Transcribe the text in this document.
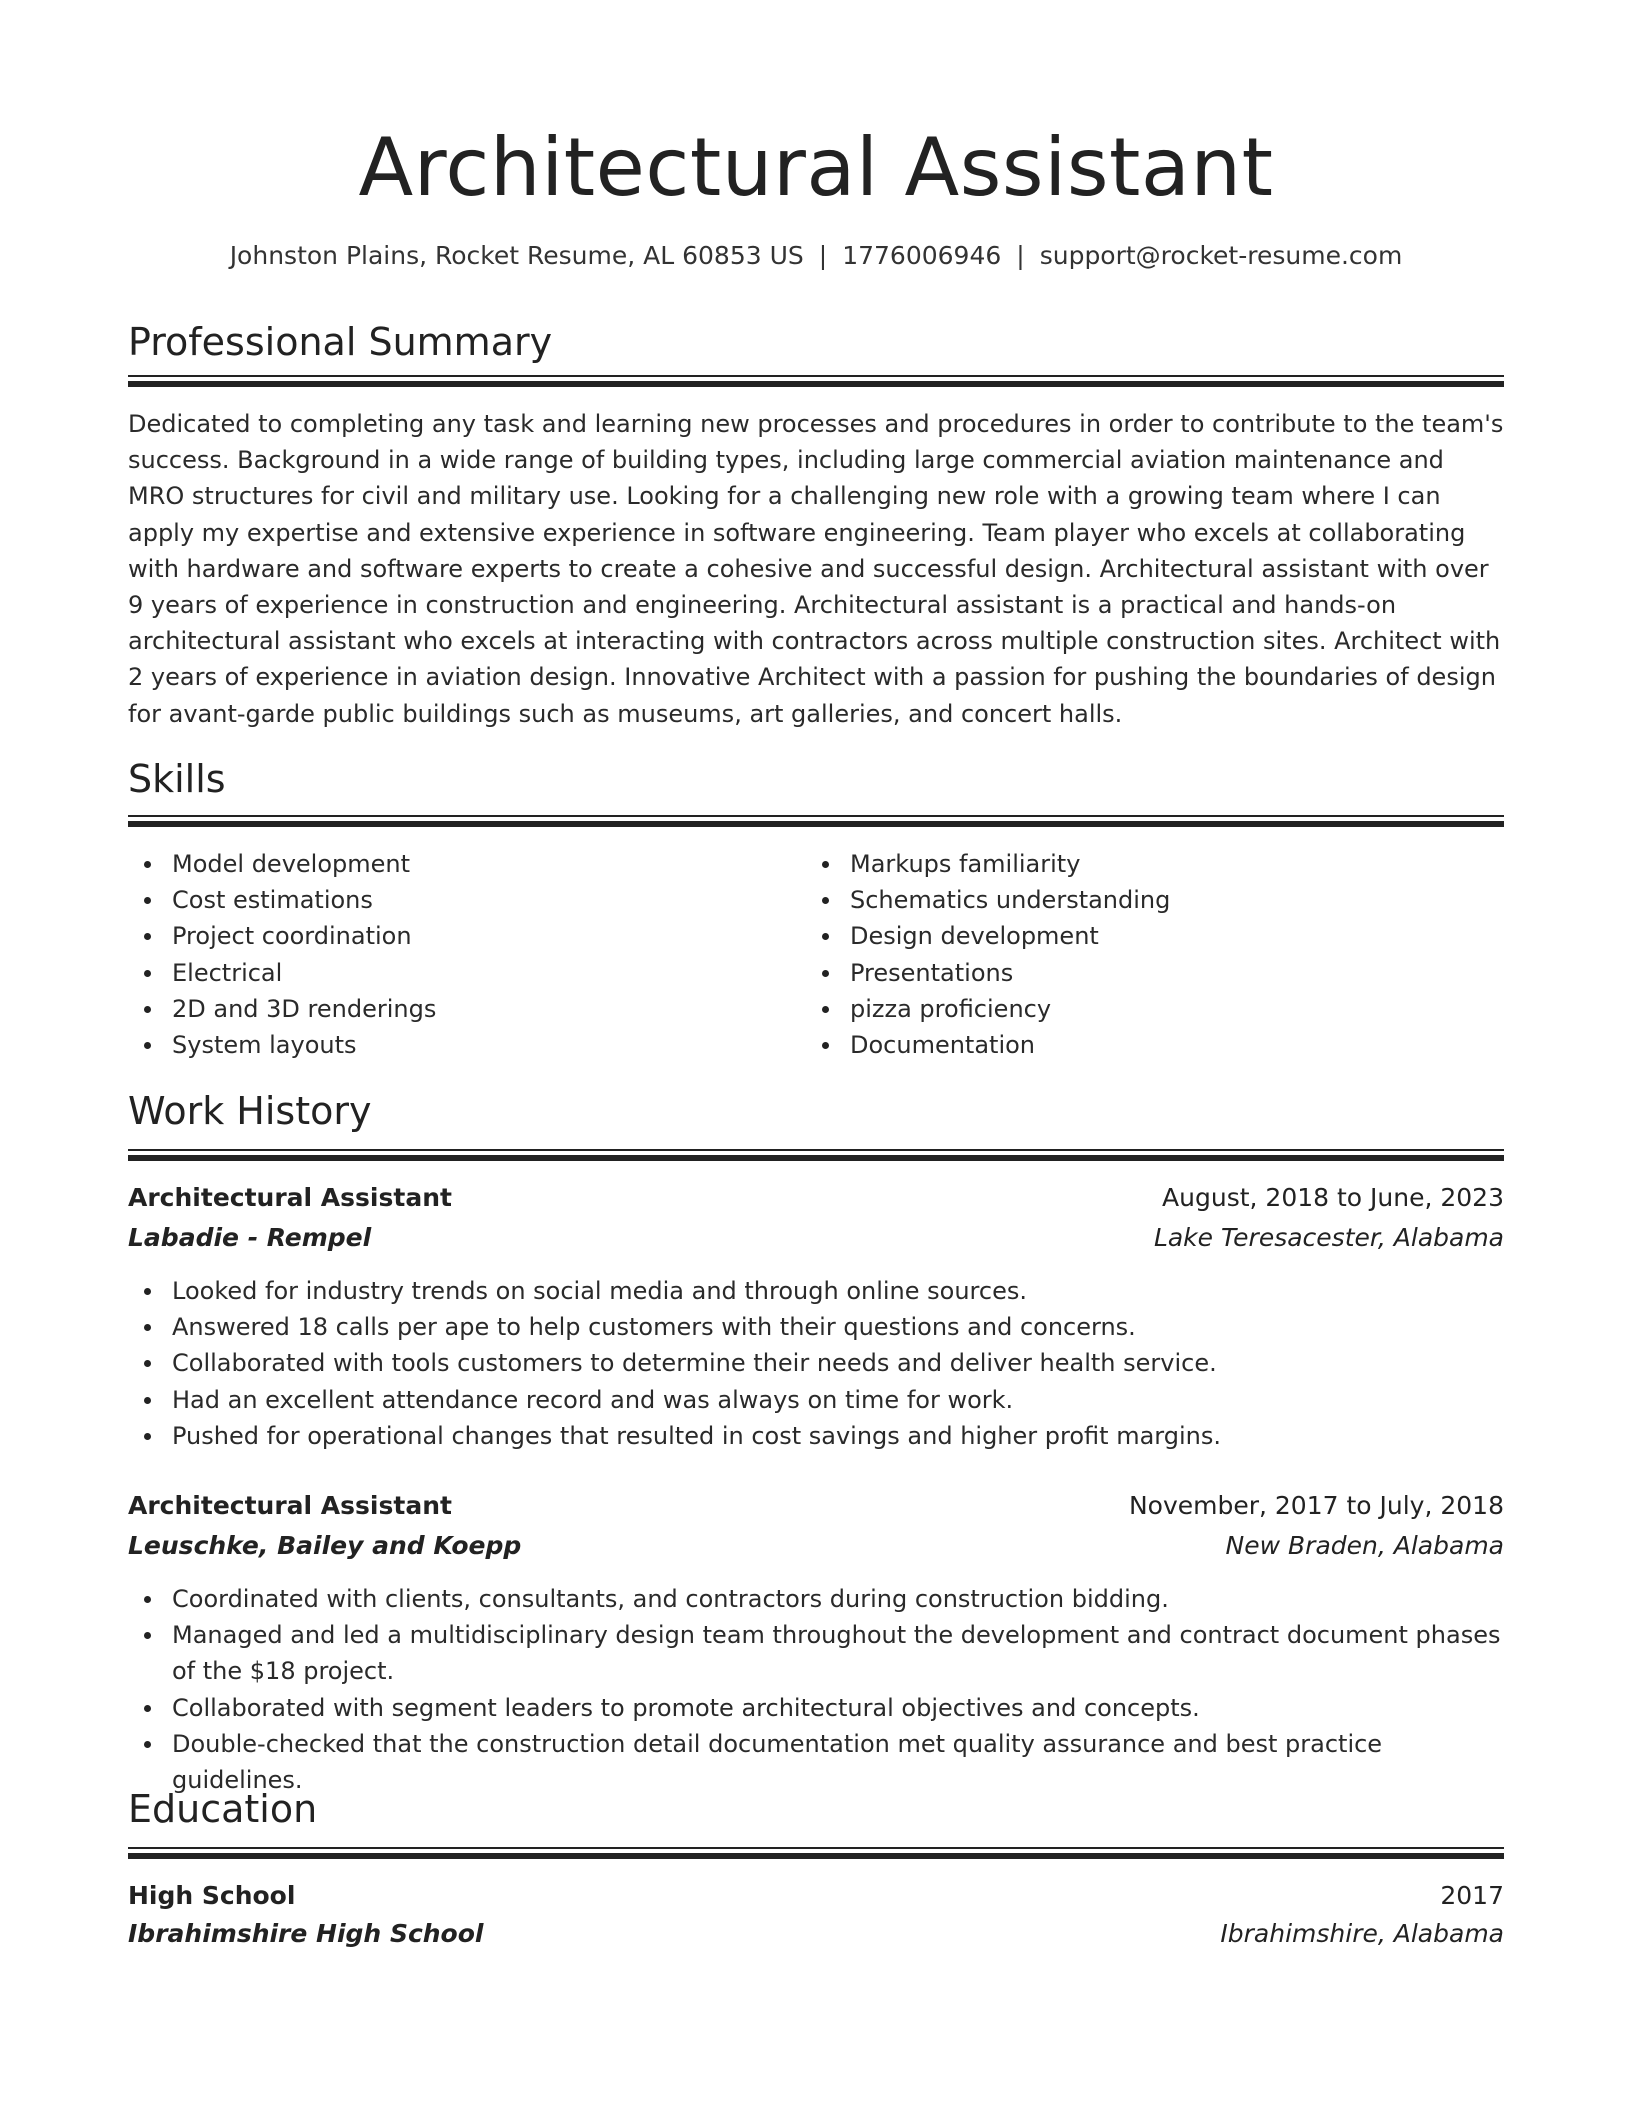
Architectural Assistant
Johnston Plains, Rocket Resume, AL 60853 US | 1776006946 | support@rocket-resume.com
Professional Summary

Dedicated to completing any task and learning new processes and procedures in order to contribute to the team's success. Background in a wide range of building types, including large commercial aviation maintenance and MRO structures for civil and military use. Looking for a challenging new role with a growing team where I can apply my expertise and extensive experience in software engineering. Team player who excels at collaborating with hardware and software experts to create a cohesive and successful design. Architectural assistant with over 9 years of experience in construction and engineering. Architectural assistant is a practical and hands-on architectural assistant who excels at interacting with contractors across multiple construction sites. Architect with 2 years of experience in aviation design. Innovative Architect with a passion for pushing the boundaries of design for avant-garde public buildings such as museums, art galleries, and concert halls.

Skills
Model development
Cost estimations
Project coordination
Electrical
2D and 3D renderings
System layouts
Markups familiarity
Schematics understanding
Design development
Presentations
pizza proficiency
Documentation
Work History
Architectural Assistant	August, 2018 to June, 2023
Labadie - Rempel	Lake Teresacester, Alabama
Looked for industry trends on social media and through online sources.
Answered 18 calls per ape to help customers with their questions and concerns.
Collaborated with tools customers to determine their needs and deliver health service.
Had an excellent attendance record and was always on time for work.
Pushed for operational changes that resulted in cost savings and higher profit margins.
Architectural Assistant	November, 2017 to July, 2018
Leuschke, Bailey and Koepp	New Braden, Alabama
Coordinated with clients, consultants, and contractors during construction bidding.
Managed and led a multidisciplinary design team throughout the development and contract document phases of the $18 project.
Collaborated with segment leaders to promote architectural objectives and concepts.
Double-checked that the construction detail documentation met quality assurance and best practice guidelines.
Education
High School	2017
Ibrahimshire High School	Ibrahimshire, Alabama
